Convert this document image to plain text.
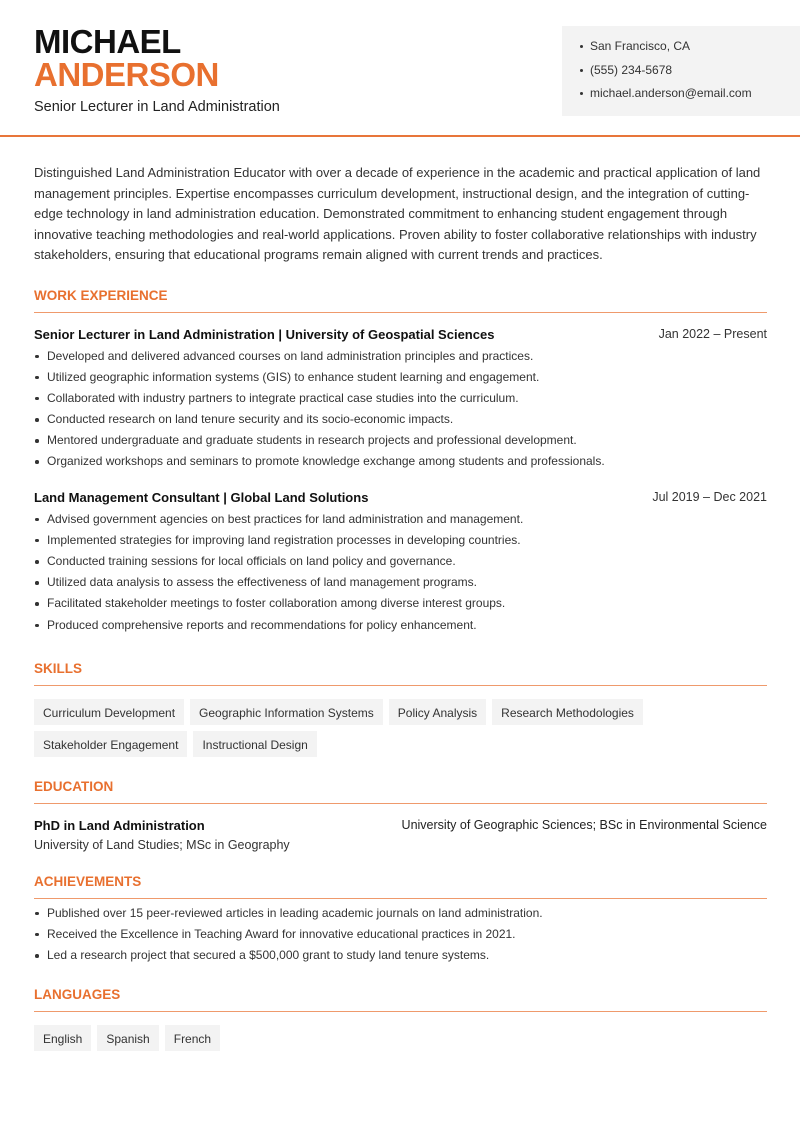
MICHAEL
ANDERSON
Senior Lecturer in Land Administration
San Francisco, CA
(555) 234-5678
michael.anderson@email.com

Distinguished Land Administration Educator with over a decade of experience in the academic and practical application of land management principles. Expertise encompasses curriculum development, instructional design, and the integration of cutting-edge technology in land administration education. Demonstrated commitment to enhancing student engagement through innovative teaching methodologies and real-world applications. Proven ability to foster collaborative relationships with industry stakeholders, ensuring that educational programs remain aligned with current trends and practices.

WORK EXPERIENCE
Senior Lecturer in Land Administration | University of Geospatial Sciences	Jan 2022 – Present
Developed and delivered advanced courses on land administration principles and practices.
Utilized geographic information systems (GIS) to enhance student learning and engagement.
Collaborated with industry partners to integrate practical case studies into the curriculum.
Conducted research on land tenure security and its socio-economic impacts.
Mentored undergraduate and graduate students in research projects and professional development.
Organized workshops and seminars to promote knowledge exchange among students and professionals.
Land Management Consultant | Global Land Solutions	Jul 2019 – Dec 2021
Advised government agencies on best practices for land administration and management.
Implemented strategies for improving land registration processes in developing countries.
Conducted training sessions for local officials on land policy and governance.
Utilized data analysis to assess the effectiveness of land management programs.
Facilitated stakeholder meetings to foster collaboration among diverse interest groups.
Produced comprehensive reports and recommendations for policy enhancement.
SKILLS
Curriculum Development	Geographic Information Systems	Policy Analysis	Research Methodologies
Stakeholder Engagement	Instructional Design
EDUCATION
PhD in Land Administration	University of Geographic Sciences; BSc in Environmental Science
University of Land Studies; MSc in Geography
ACHIEVEMENTS
Published over 15 peer-reviewed articles in leading academic journals on land administration.
Received the Excellence in Teaching Award for innovative educational practices in 2021.
Led a research project that secured a $500,000 grant to study land tenure systems.
LANGUAGES
English	Spanish	French
